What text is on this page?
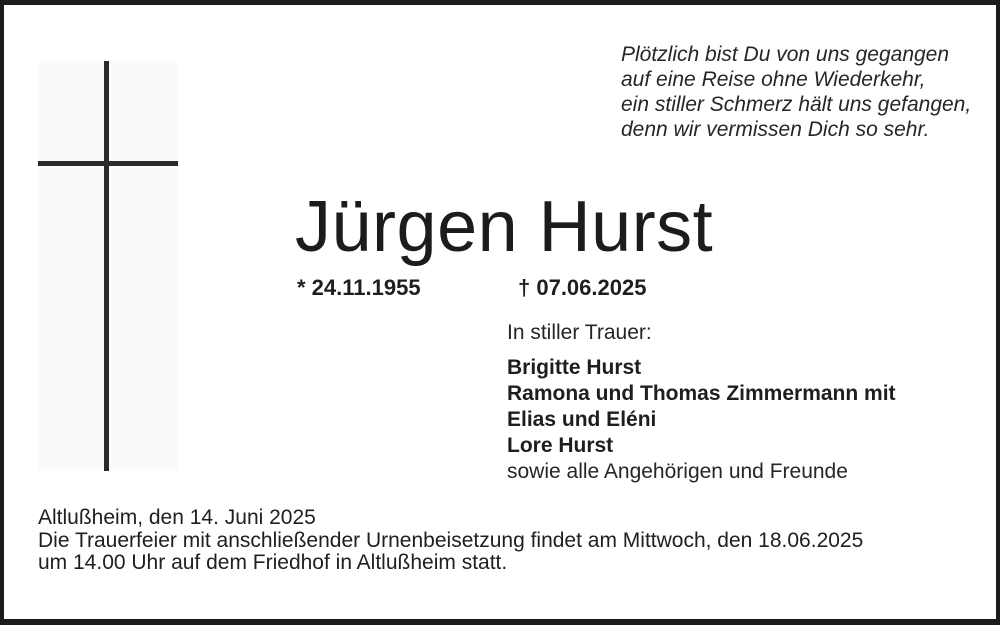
Plötzlich bist Du von uns gegangen
auf eine Reise ohne Wiederkehr,
ein stiller Schmerz hält uns gefangen,
denn wir vermissen Dich so sehr.
Jürgen Hurst
* 24.11.1955	† 07.06.2025
In stiller Trauer:
Brigitte Hurst
Ramona und Thomas Zimmermann mit
Elias und Eléni
Lore Hurst
sowie alle Angehörigen und Freunde
Altlußheim, den 14. Juni 2025
Die Trauerfeier mit anschließender Urnenbeisetzung findet am Mittwoch, den 18.06.2025
um 14.00 Uhr auf dem Friedhof in Altlußheim statt.
